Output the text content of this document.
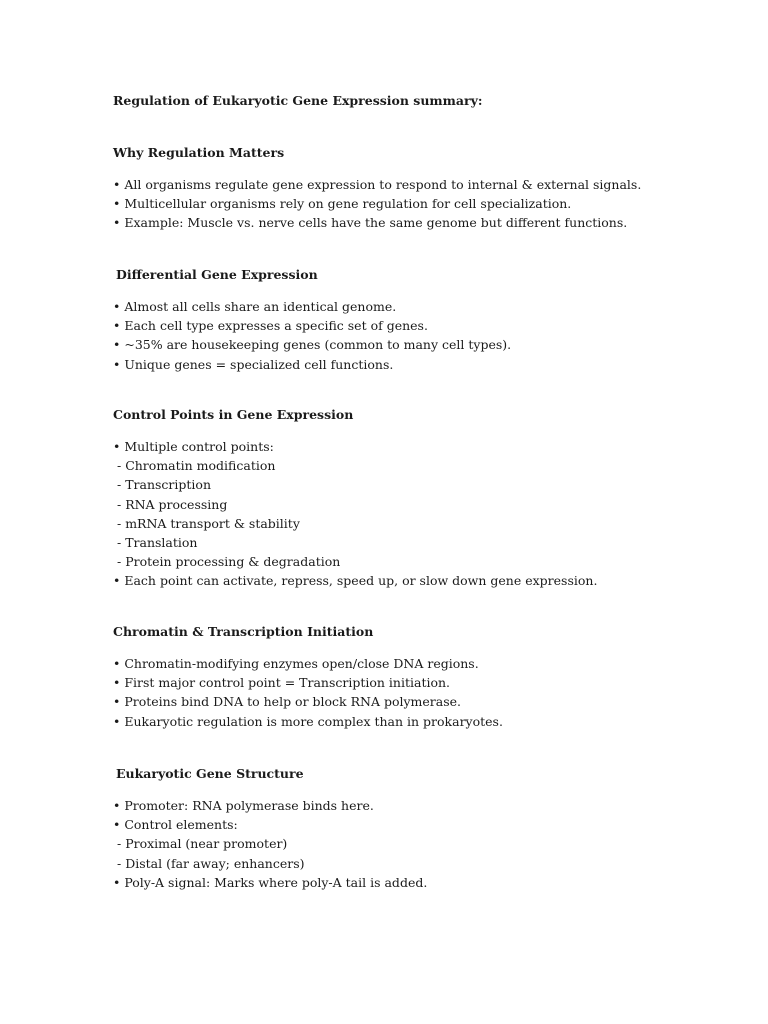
Regulation of Eukaryotic Gene Expression summary:
Why Regulation Matters
• All organisms regulate gene expression to respond to internal & external signals.
• Multicellular organisms rely on gene regulation for cell specialization.
• Example: Muscle vs. nerve cells have the same genome but different functions.
Differential Gene Expression
• Almost all cells share an identical genome.
• Each cell type expresses a specific set of genes.
• ~35% are housekeeping genes (common to many cell types).
• Unique genes = specialized cell functions.
Control Points in Gene Expression
• Multiple control points:
- Chromatin modification
- Transcription
- RNA processing
- mRNA transport & stability
- Translation
- Protein processing & degradation
• Each point can activate, repress, speed up, or slow down gene expression.
Chromatin & Transcription Initiation
• Chromatin-modifying enzymes open/close DNA regions.
• First major control point = Transcription initiation.
• Proteins bind DNA to help or block RNA polymerase.
• Eukaryotic regulation is more complex than in prokaryotes.
Eukaryotic Gene Structure
• Promoter: RNA polymerase binds here.
• Control elements:
- Proximal (near promoter)
- Distal (far away; enhancers)
• Poly-A signal: Marks where poly-A tail is added.
